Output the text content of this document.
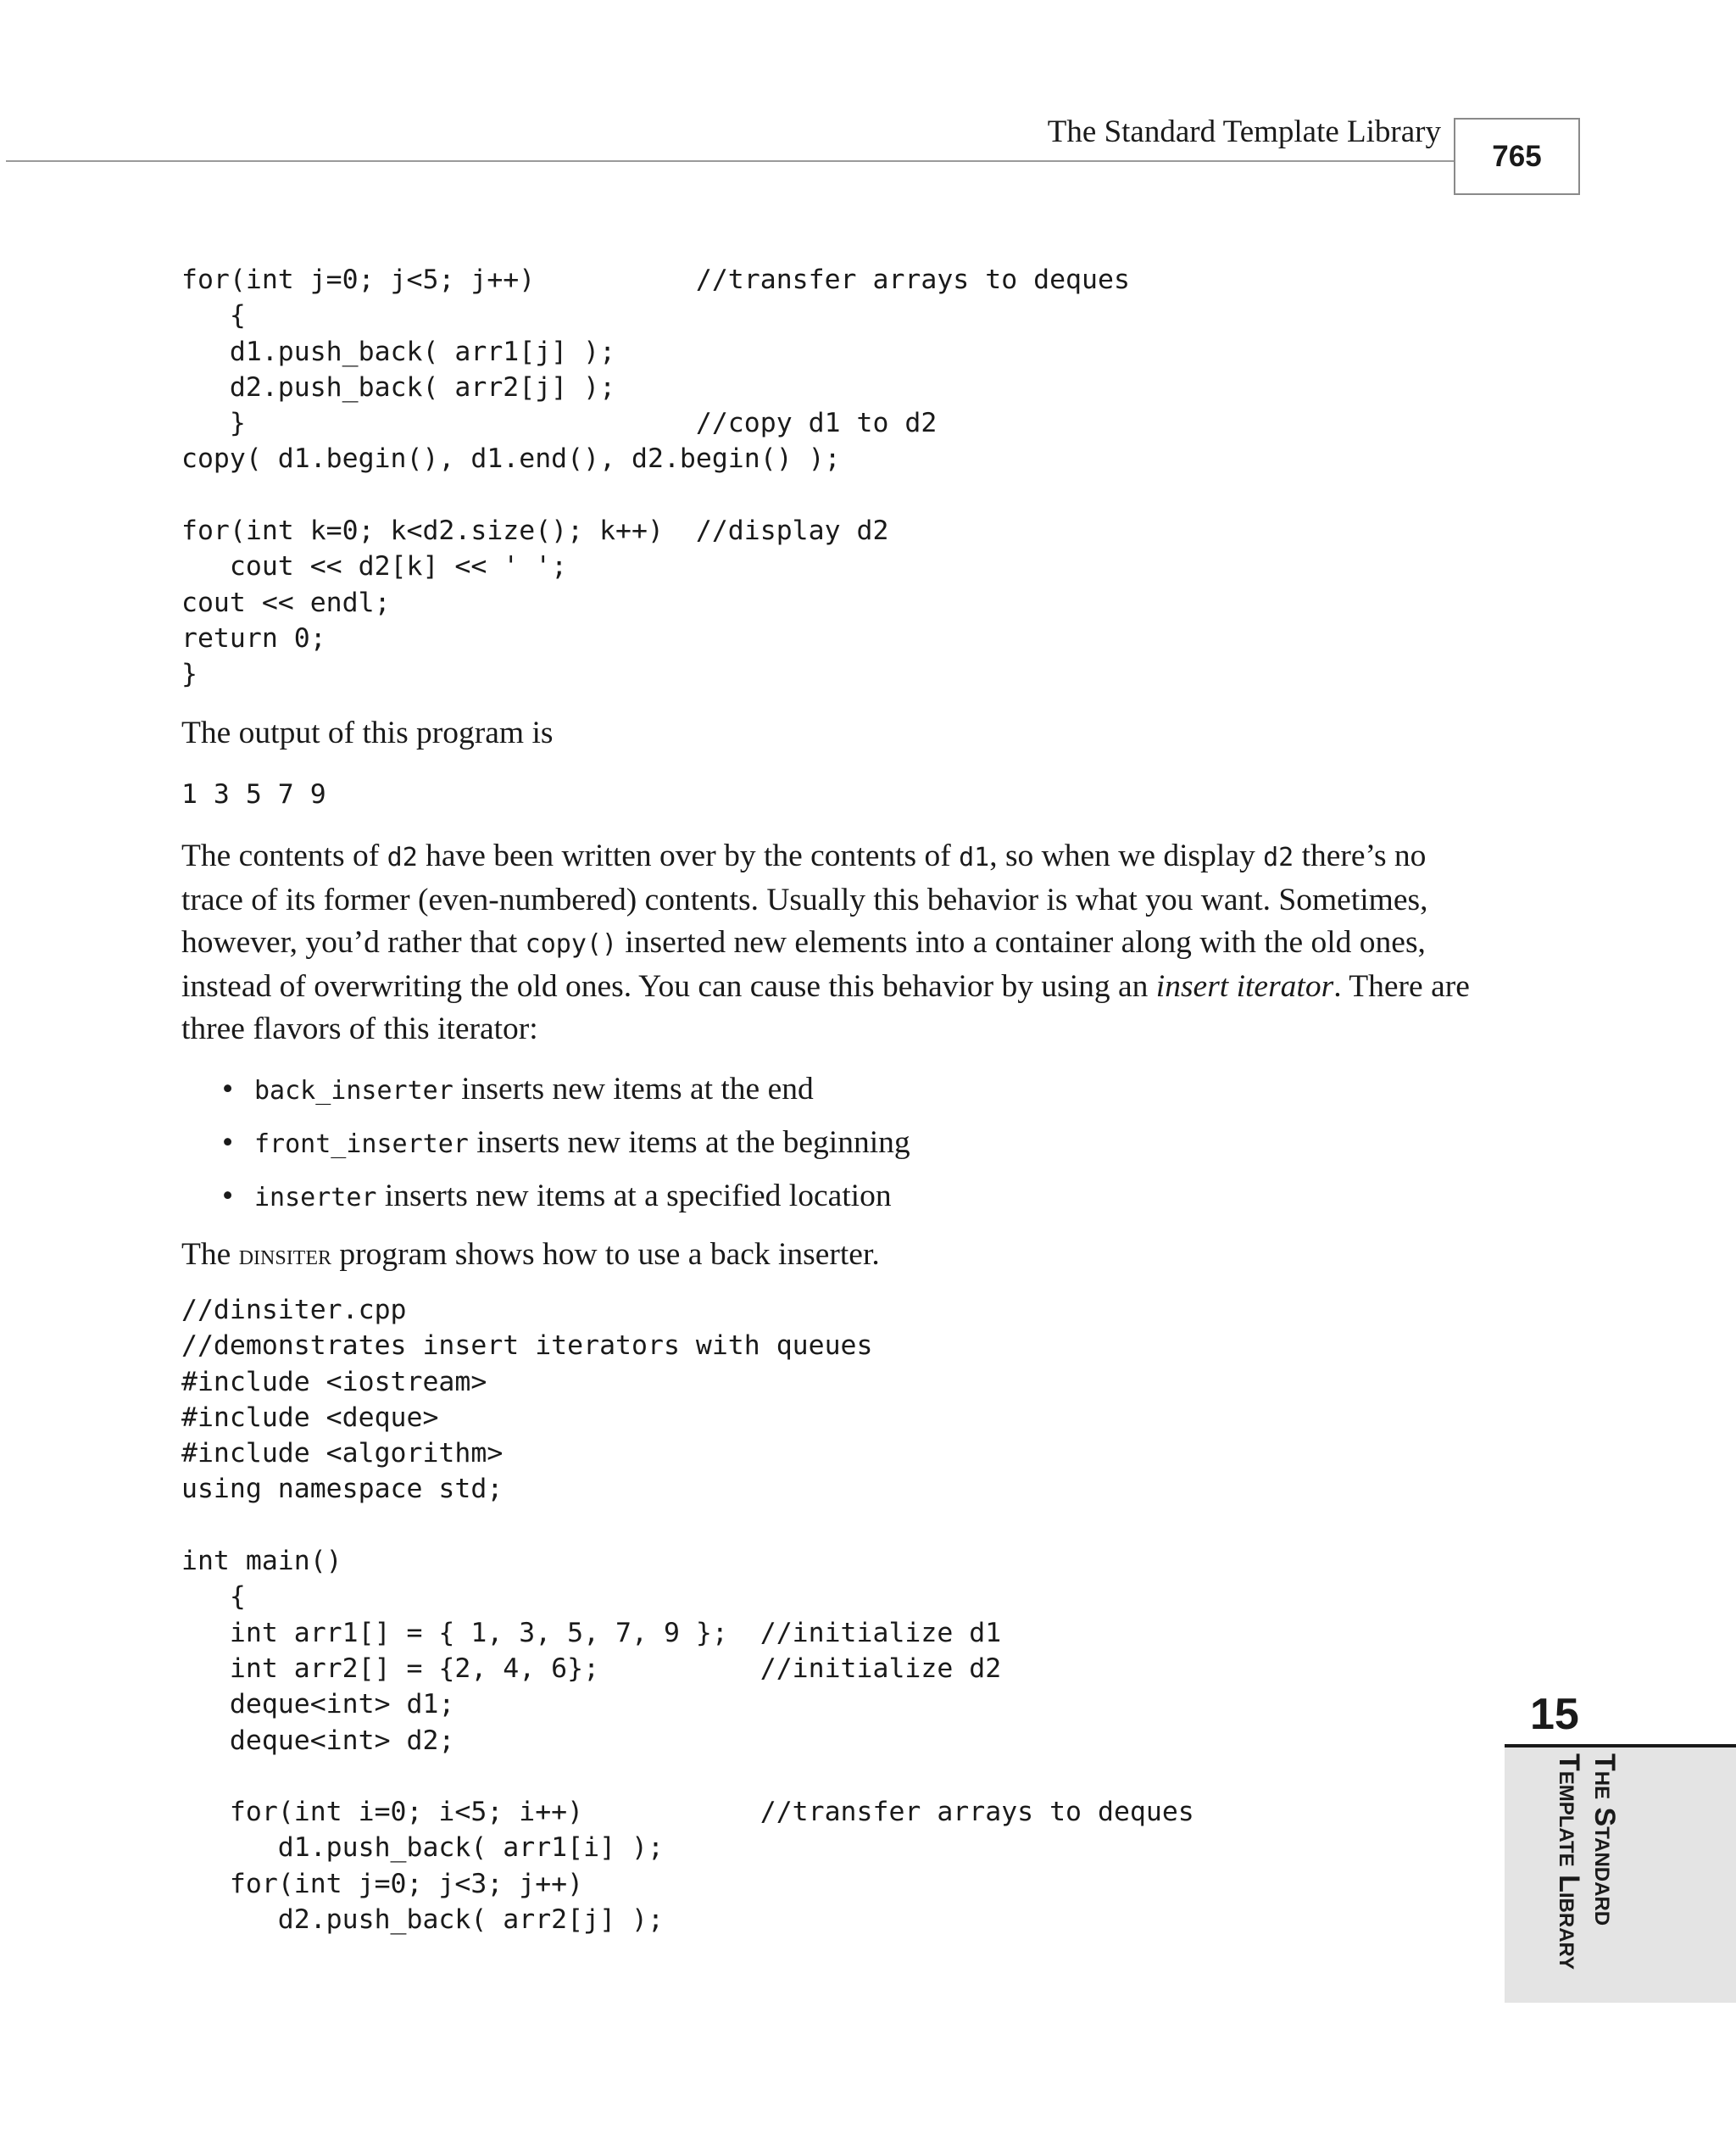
The Standard Template Library
765
for(int j=0; j<5; j++)          //transfer arrays to deques
{
d1.push_back( arr1[j] );
d2.push_back( arr2[j] );
}                            //copy d1 to d2
copy( d1.begin(), d1.end(), d2.begin() );

for(int k=0; k<d2.size(); k++)  //display d2
cout << d2[k] << ' ';
cout << endl;
return 0;
}

The output of this program is

1 3 5 7 9

The contents of d2 have been written over by the contents of d1, so when we display d2 there’s no trace of its former (even-numbered) contents. Usually this behavior is what you want. Sometimes, however, you’d rather that copy() inserted new elements into a container along with the old ones, instead of overwriting the old ones. You can cause this behavior by using an insert iterator. There are three flavors of this iterator:

• back_inserter inserts new items at the end
• front_inserter inserts new items at the beginning
• inserter inserts new items at a specified location

The dinsiter program shows how to use a back inserter.

//dinsiter.cpp
//demonstrates insert iterators with queues
#include <iostream>
#include <deque>
#include <algorithm>
using namespace std;

int main()
{
int arr1[] = { 1, 3, 5, 7, 9 };  //initialize d1
int arr2[] = {2, 4, 6};          //initialize d2
deque<int> d1;
deque<int> d2;

for(int i=0; i<5; i++)           //transfer arrays to deques
d1.push_back( arr1[i] );
for(int j=0; j<3; j++)
d2.push_back( arr2[j] );
15
The Standard
Template Library
